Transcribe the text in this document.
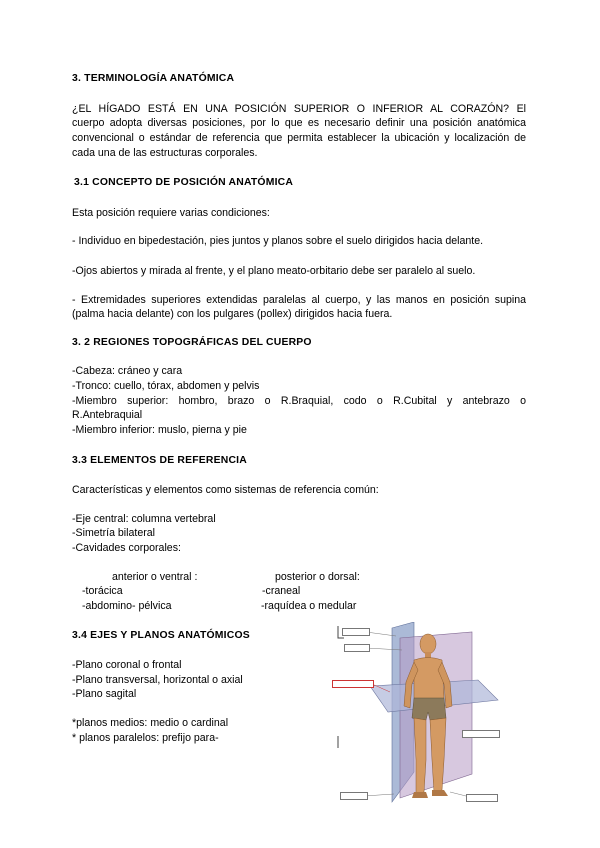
3. TERMINOLOGÍA ANATÓMICA

¿EL HÍGADO ESTÁ EN UNA POSICIÓN SUPERIOR O INFERIOR AL CORAZÓN? El

cuerpo adopta diversas posiciones, por lo que es necesario definir una posición anatómica

convencional o estándar de referencia que permita establecer la ubicación y localización de

cada una de las estructuras corporales.

3.1 CONCEPTO DE POSICIÓN ANATÓMICA

Esta posición requiere varias condiciones:

- Individuo en bipedestación, pies juntos y planos sobre el suelo dirigidos hacia delante.

-Ojos abiertos y mirada al frente, y el plano meato-orbitario debe ser paralelo al suelo.

- Extremidades superiores extendidas paralelas al cuerpo, y las manos en posición supina

(palma hacia delante) con los pulgares (pollex) dirigidos hacia fuera.

3. 2 REGIONES TOPOGRÁFICAS DEL CUERPO

-Cabeza: cráneo y cara

-Tronco: cuello, tórax, abdomen y pelvis

-Miembro superior: hombro, brazo o R.Braquial, codo o R.Cubital y antebrazo o

R.Antebraquial

-Miembro inferior: muslo, pierna y pie

3.3 ELEMENTOS DE REFERENCIA

Características y elementos como sistemas de referencia común:

-Eje central: columna vertebral

-Simetría bilateral

-Cavidades corporales:

anterior o ventral :

-torácica

-abdomino- pélvica

posterior o dorsal:

-craneal

-raquídea o medular

3.4 EJES Y PLANOS ANATÓMICOS

-Plano coronal o frontal

-Plano transversal, horizontal o axial

-Plano sagital

*planos medios: medio o cardinal

* planos paralelos: prefijo para-
